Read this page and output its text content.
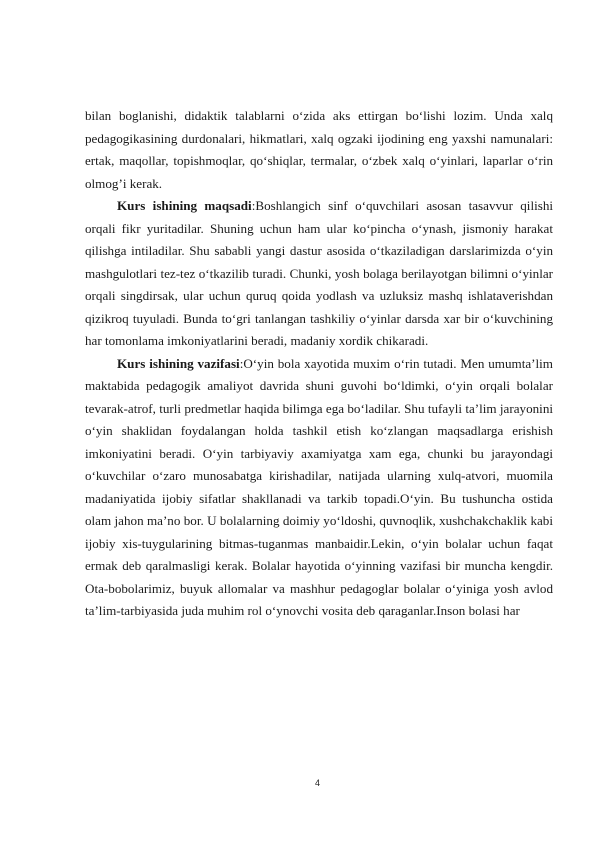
bilan boglanishi, didaktik talablarni o‘zida aks ettirgan bo‘lishi lozim. Unda xalq pedagogikasining durdonalari, hikmatlari, xalq ogzaki ijodining eng yaxshi namunalari: ertak, maqollar, topishmoqlar, qo‘shiqlar, termalar, o‘zbek xalq o‘yinlari, laparlar o‘rin olmog’i kerak.

Kurs ishining maqsadi:Boshlangich sinf o‘quvchilari asosan tasavvur qilishi orqali fikr yuritadilar. Shuning uchun ham ular ko‘pincha o‘ynash, jismoniy harakat qilishga intiladilar. Shu sababli yangi dastur asosida o‘tkaziladigan darslarimizda o‘yin mashgulotlari tez-tez o‘tkazilib turadi. Chunki, yosh bolaga berilayotgan bilimni o‘yinlar orqali singdirsak, ular uchun quruq qoida yodlash va uzluksiz mashq ishlataverishdan qizikroq tuyuladi. Bunda to‘gri tanlangan tashkiliy o‘yinlar darsda xar bir o‘kuvchining har tomonlama imkoniyatlarini beradi, madaniy xordik chikaradi.

Kurs ishining vazifasi:O‘yin bola xayotida muxim o‘rin tutadi. Men umumta’lim maktabida pedagogik amaliyot davrida shuni guvohi bo‘ldimki, o‘yin orqali bolalar tevarak-atrof, turli predmetlar haqida bilimga ega bo‘ladilar. Shu tufayli ta’lim jarayonini o‘yin shaklidan foydalangan holda tashkil etish ko‘zlangan maqsadlarga erishish imkoniyatini beradi. O‘yin tarbiyaviy axamiyatga xam ega, chunki bu jarayondagi o‘kuvchilar o‘zaro munosabatga kirishadilar, natijada ularning xulq-atvori, muomila madaniyatida ijobiy sifatlar shakllanadi va tarkib topadi.O‘yin. Bu tushuncha ostida olam jahon ma’no bor. U bolalarning doimiy yo‘ldoshi, quvnoqlik, xushchakchaklik kabi ijobiy xis-tuygularining bitmas-tuganmas manbaidir.Lekin, o‘yin bolalar uchun faqat ermak deb qaralmasligi kerak. Bolalar hayotida o‘yinning vazifasi bir muncha kengdir. Ota-bobolarimiz, buyuk allomalar va mashhur pedagoglar bolalar o‘yiniga yosh avlod ta’lim-tarbiyasida juda muhim rol o‘ynovchi vosita deb qaraganlar.Inson bolasi har

4
